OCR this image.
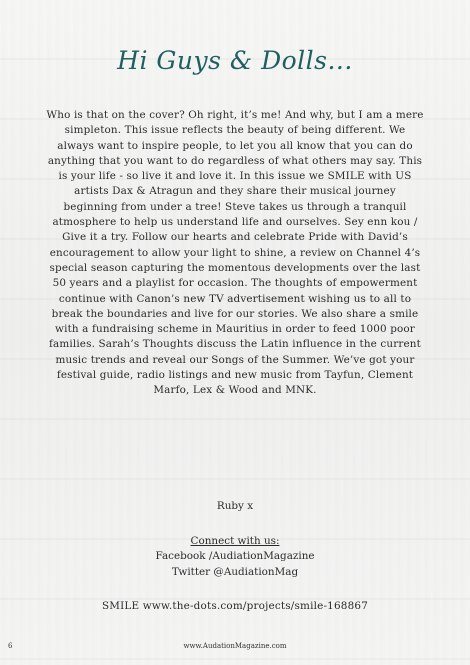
Hi Guys & Dolls...
Who is that on the cover? Oh right, it’s me! And why, but I am a mere simpleton. This issue reflects the beauty of being different. We always want to inspire people, to let you all know that you can do anything that you want to do regardless of what others may say. This is your life - so live it and love it. In this issue we SMILE with US artists Dax & Atragun and they share their musical journey beginning from under a tree! Steve takes us through a tranquil atmosphere to help us understand life and ourselves. Sey enn kou / Give it a try. Follow our hearts and celebrate Pride with David’s encouragement to allow your light to shine, a review on Channel 4’s special season capturing the momentous developments over the last 50 years and a playlist for occasion. The thoughts of empowerment continue with Canon’s new TV advertisement wishing us to all to break the boundaries and live for our stories. We also share a smile with a fundraising scheme in Mauritius in order to feed 1000 poor families. Sarah’s Thoughts discuss the Latin influence in the current music trends and reveal our Songs of the Summer. We’ve got your festival guide, radio listings and new music from Tayfun, Clement Marfo, Lex & Wood and MNK.
Ruby x
Connect with us:
Facebook /AudiationMagazine
Twitter @AudiationMag
SMILE www.the-dots.com/projects/smile-168867
6	www.AudationMagazine.com
